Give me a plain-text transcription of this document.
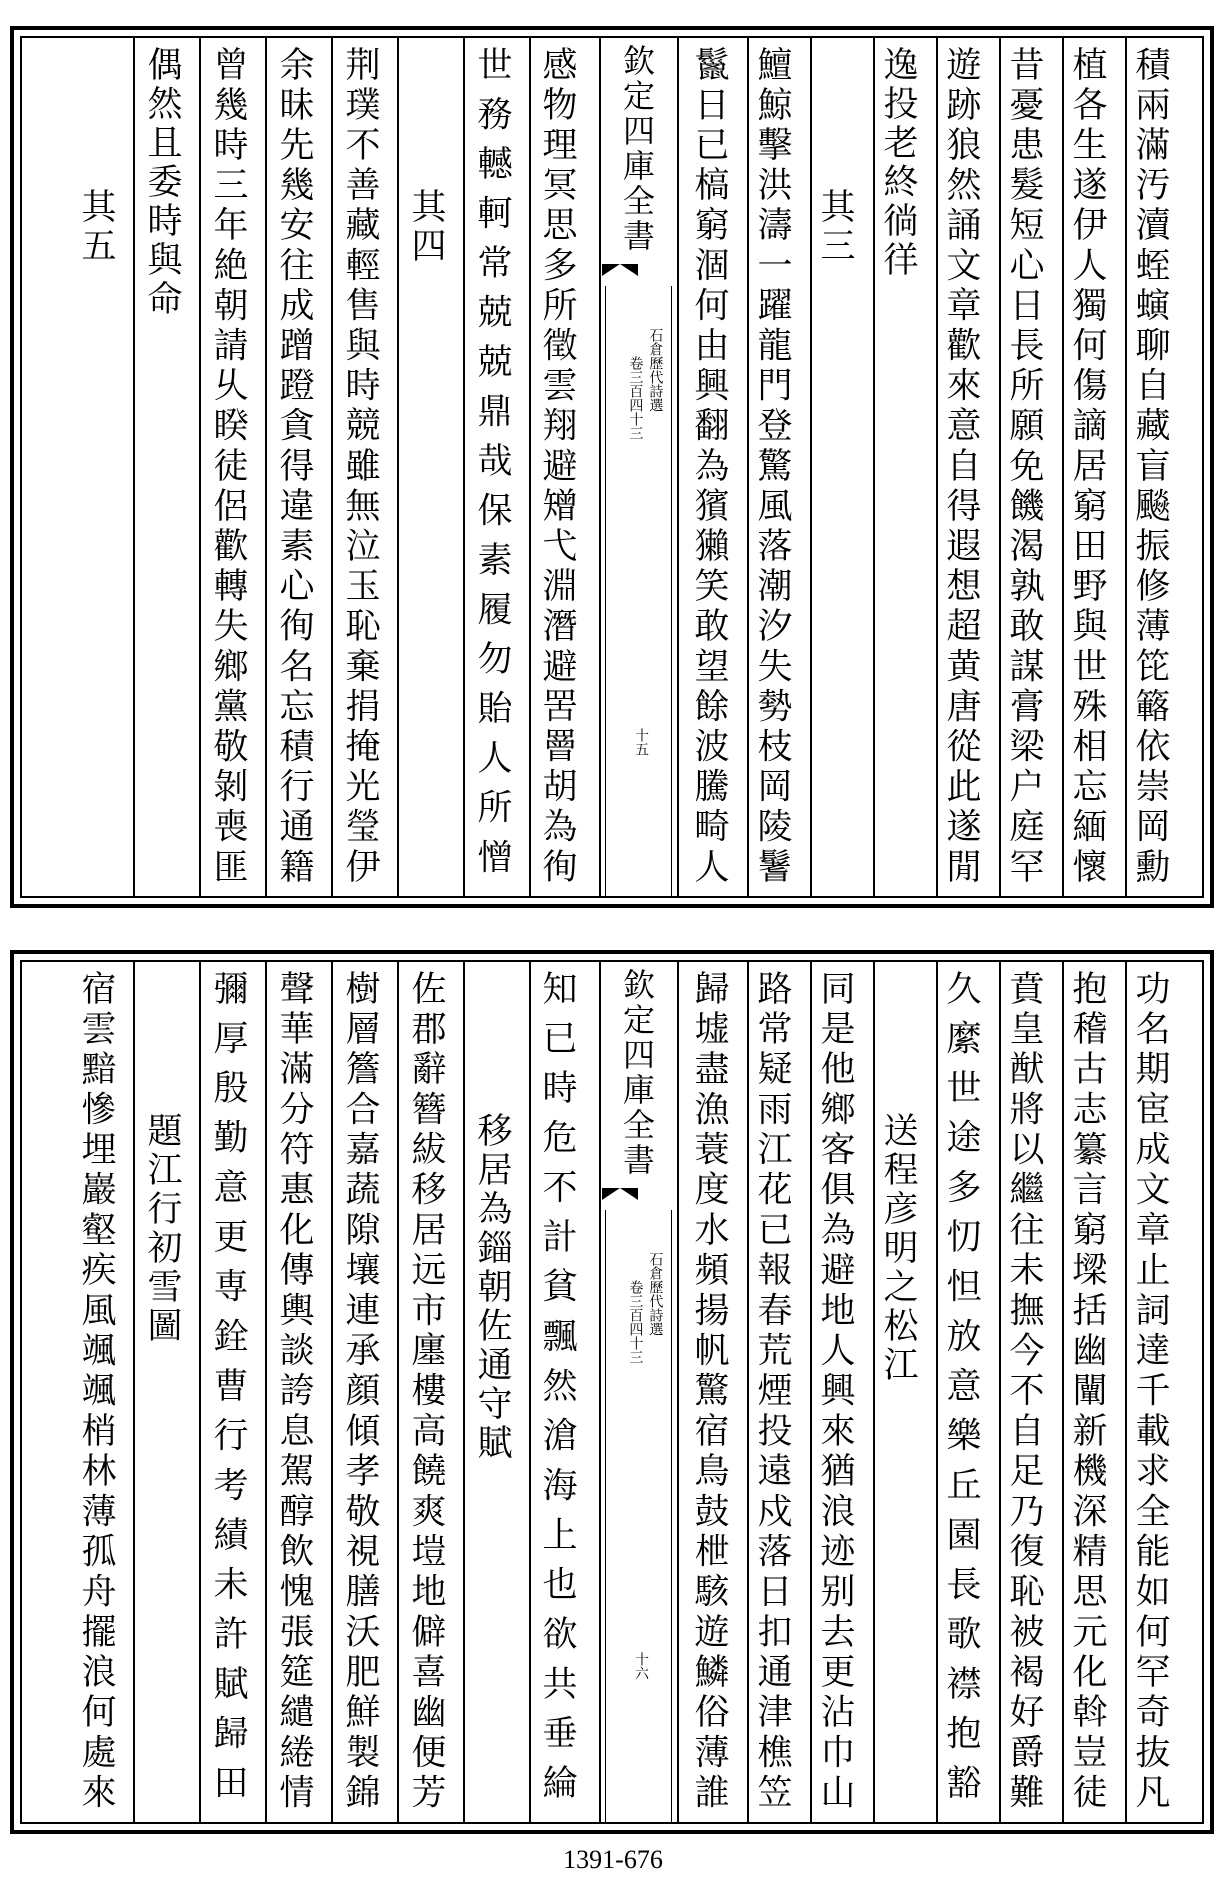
積兩滿汚瀆蛭螾聊自藏盲飈振修薄笓簵依崇岡勳
植各生遂伊人獨何傷謫居窮田野與世殊相忘緬懷
昔憂患髮短心日長所願免饑渴孰敢謀膏梁户庭罕
遊跡狼然誦文章歡來意自得遐想超黄唐從此遂閒
逸投老終徜徉
其三
鱣鯨擊洪濤一躍龍門登驚風落潮汐失勢枝岡陵鬐
鬣日已槁窮涸何由興翻為獱獺笑敢望餘波騰畸人
欽定四庫全書
石倉歷代詩選
卷三百四十三
十五
感物理冥思多所徵雲翔避矰弋淵潛避罟罾胡為徇
世務轗軻常兢兢鼎哉保素履勿貽人所憎
其四
荆璞不善藏輕售與時競雖無泣玉恥棄捐掩光瑩伊
余昧先幾安往成蹭蹬貪得違素心徇名忘積行通籍
曾幾時三年絶朝請乆睽徒侶歡轉失鄉黨敬剝喪匪
偶然且委時與命
其五
功名期宦成文章止詞達千載求全能如何罕奇抜凡
抱稽古志纂言窮墚括幽闡新機深精思元化斡豈徒
賁皇猷將以繼往未撫今不自足乃復恥被褐好爵難
久縻世途多忉怛放意樂丘園長歌襟抱豁
送程彦明之松江
同是他鄉客俱為避地人興來猶浪迹别去更沾巾山
路常疑雨江花已報春荒煙投遠戍落日扣通津樵笠
歸墟盡漁蓑度水頻揚帆驚宿鳥鼓枻駭遊鱗俗薄誰
欽定四庫全書
石倉歷代詩選
卷三百四十三
十六
知已時危不計貧飄然滄海上也欲共垂綸
移居為錙朝佐通守賦
佐郡辭簪紱移居远市廛樓高饒爽塏地僻喜幽便芳
樹層簷合嘉蔬隙壤連承顔傾孝敬視膳沃肥鮮製錦
聲華滿分符惠化傳輿談誇息駕醇飲愧張筵繾綣情
彌厚殷勤意更専銓曹行考績未許賦歸田
題江行初雪圖
宿雲黯慘埋巖壑疾風颯颯梢林薄孤舟擺浪何處來
1391-676
